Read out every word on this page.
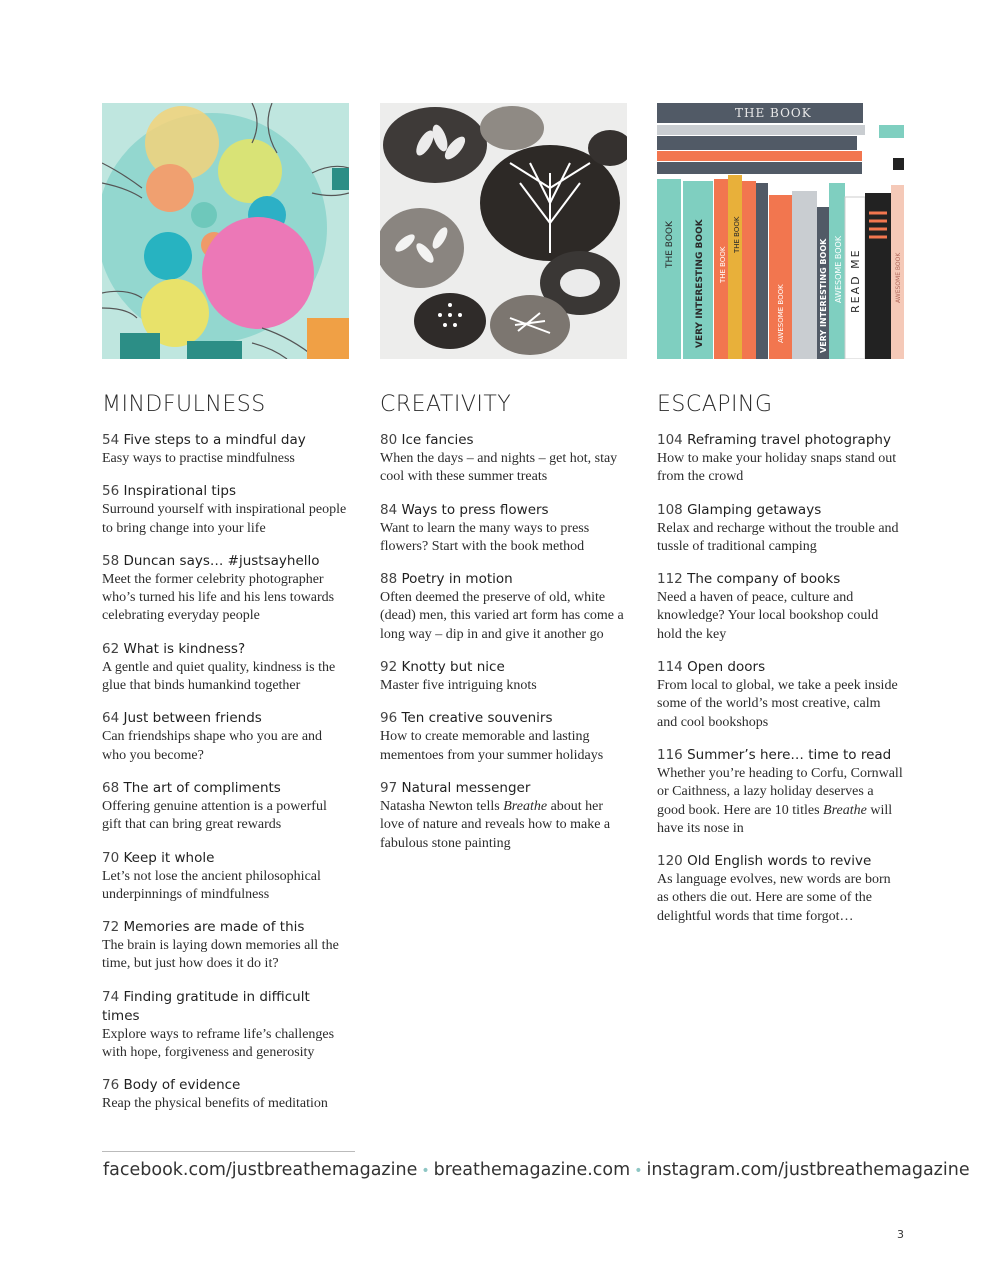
MINDFULNESS
54 Five steps to a mindful day
Easy ways to practise mindfulness
56 Inspirational tips
Surround yourself with inspirational people to bring change into your life
58 Duncan says… #justsayhello
Meet the former celebrity photographer who’s turned his life and his lens towards celebrating everyday people
62 What is kindness?
A gentle and quiet quality, kindness is the glue that binds humankind together
64 Just between friends
Can friendships shape who you are and who you become?
68 The art of compliments
Offering genuine attention is a powerful gift that can bring great rewards
70 Keep it whole
Let’s not lose the ancient philosophical underpinnings of mindfulness
72 Memories are made of this
The brain is laying down memories all the time, but just how does it do it?
74 Finding gratitude in difficult times
Explore ways to reframe life’s challenges with hope, forgiveness and generosity
76 Body of evidence
Reap the physical benefits of meditation
CREATIVITY
80 Ice fancies
When the days – and nights – get hot, stay cool with these summer treats
84 Ways to press flowers
Want to learn the many ways to press flowers? Start with the book method
88 Poetry in motion
Often deemed the preserve of old, white (dead) men, this varied art form has come a long way – dip in and give it another go
92 Knotty but nice
Master five intriguing knots
96 Ten creative souvenirs
How to create memorable and lasting mementoes from your summer holidays
97 Natural messenger
Natasha Newton tells Breathe about her love of nature and reveals how to make a fabulous stone painting
THE BOOK
THE BOOK VERY INTERESTING BOOK THE BOOK
THE BOOK
AWESOME BOOK	VERY INTERESTING BOOK AWESOME BOOK READ ME	AWESOME BOOK
ESCAPING
104 Reframing travel photography
How to make your holiday snaps stand out from the crowd
108 Glamping getaways
Relax and recharge without the trouble and tussle of traditional camping
112 The company of books
Need a haven of peace, culture and knowledge? Your local bookshop could hold the key
114 Open doors
From local to global, we take a peek inside some of the world’s most creative, calm and cool bookshops
116 Summer’s here… time to read
Whether you’re heading to Corfu, Cornwall or Caithness, a lazy holiday deserves a good book. Here are 10 titles Breathe will have its nose in
120 Old English words to revive
As language evolves, new words are born as others die out. Here are some of the delightful words that time forgot…
facebook.com/justbreathemagazine • breathemagazine.com • instagram.com/justbreathemagazine
3
